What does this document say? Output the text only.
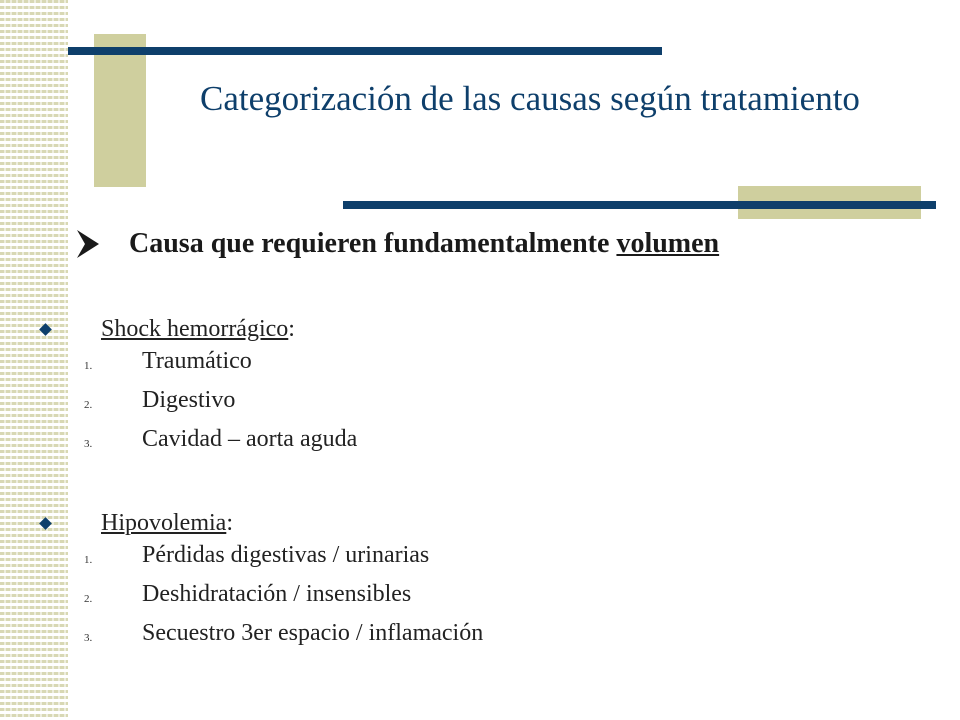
Categorización de las causas según tratamiento
Causa que requieren fundamentalmente volumen
Shock hemorrágico:
1. Traumático
2. Digestivo
3. Cavidad – aorta aguda
Hipovolemia:
1. Pérdidas digestivas / urinarias
2. Deshidratación / insensibles
3. Secuestro 3er espacio / inflamación
